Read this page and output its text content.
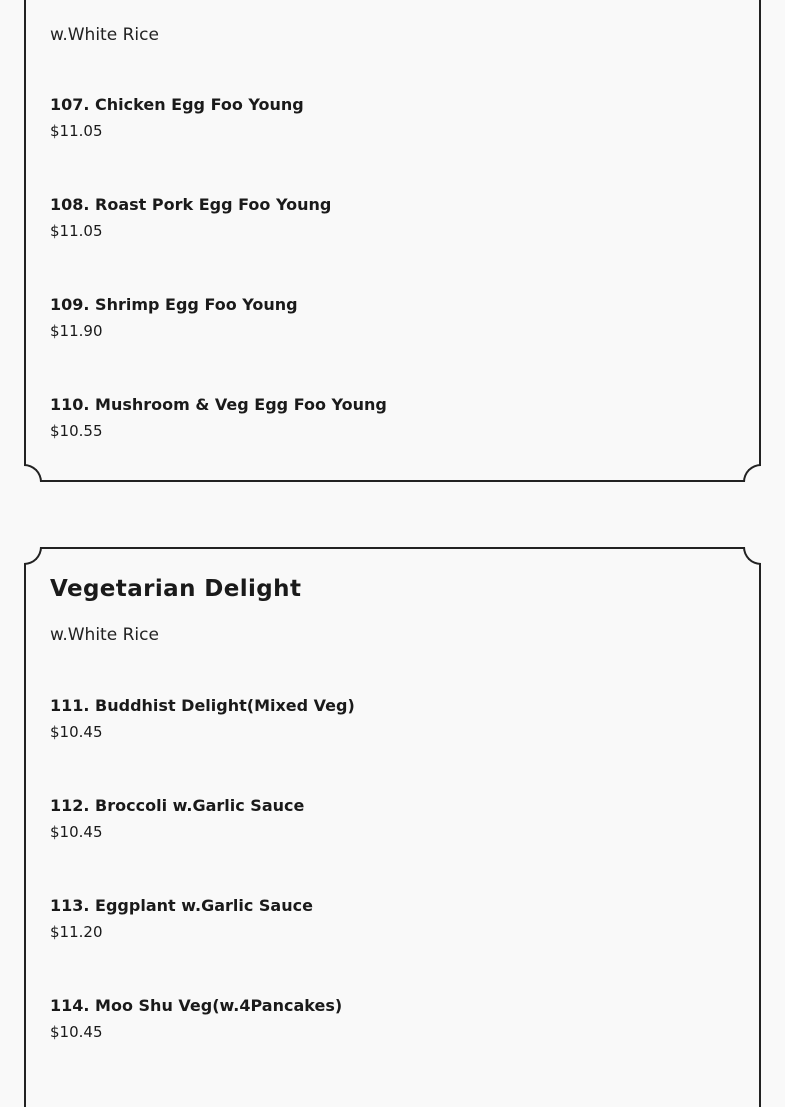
w.White Rice
107. Chicken Egg Foo Young
$11.05
108. Roast Pork Egg Foo Young
$11.05
109. Shrimp Egg Foo Young
$11.90
110. Mushroom & Veg Egg Foo Young
$10.55
Vegetarian Delight
w.White Rice
111. Buddhist Delight(Mixed Veg)
$10.45
112. Broccoli w.Garlic Sauce
$10.45
113. Eggplant w.Garlic Sauce
$11.20
114. Moo Shu Veg(w.4Pancakes)
$10.45
